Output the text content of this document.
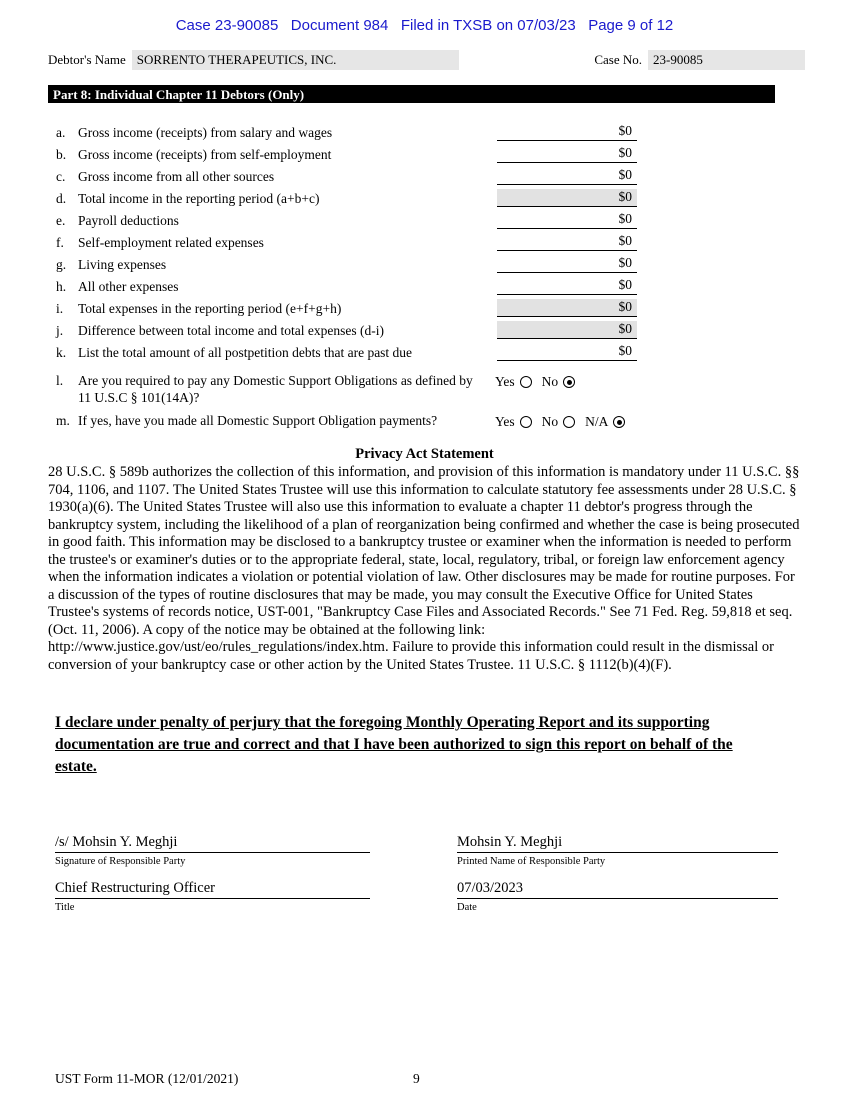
Case 23-90085   Document 984   Filed in TXSB on 07/03/23   Page 9 of 12
Debtor's Name SORRENTO THERAPEUTICS, INC.	Case No. 23-90085
Part 8: Individual Chapter 11 Debtors (Only)
a. Gross income (receipts) from salary and wages	$0
b. Gross income (receipts) from self-employment	$0
c. Gross income from all other sources	$0
d. Total income in the reporting period (a+b+c)	$0
e. Payroll deductions	$0
f.	Self-employment related expenses	$0
g. Living expenses	$0
h. All other expenses	$0
i.	Total expenses in the reporting period (e+f+g+h)	$0
j.	Difference between total income and total expenses (d-i)	$0
k. List the total amount of all postpetition debts that are past due	$0
l.	Are you required to pay any Domestic Support Obligations as defined by 11 U.S.C § 101(14A)?
Yes No
m. If yes, have you made all Domestic Support Obligation payments?	Yes No N/A
Privacy Act Statement
28 U.S.C. § 589b authorizes the collection of this information, and provision of this information is mandatory under 11 U.S.C. §§ 704, 1106, and 1107. The United States Trustee will use this information to calculate statutory fee assessments under 28 U.S.C. § 1930(a)(6). The United States Trustee will also use this information to evaluate a chapter 11 debtor's progress through the bankruptcy system, including the likelihood of a plan of reorganization being confirmed and whether the case is being prosecuted in good faith. This information may be disclosed to a bankruptcy trustee or examiner when the information is needed to perform the trustee's or examiner's duties or to the appropriate federal, state, local, regulatory, tribal, or foreign law enforcement agency when the information indicates a violation or potential violation of law. Other disclosures may be made for routine purposes. For a discussion of the types of routine disclosures that may be made, you may consult the Executive Office for United States Trustee's systems of records notice, UST-001, "Bankruptcy Case Files and Associated Records." See 71 Fed. Reg. 59,818 et seq. (Oct. 11, 2006). A copy of the notice may be obtained at the following link: http://www.justice.gov/ust/eo/rules_regulations/index.htm. Failure to provide this information could result in the dismissal or conversion of your bankruptcy case or other action by the United States Trustee. 11 U.S.C. § 1112(b)(4)(F).
I declare under penalty of perjury that the foregoing Monthly Operating Report and its supporting documentation are true and correct and that I have been authorized to sign this report on behalf of the estate.
/s/ Mohsin Y. Meghji
Signature of Responsible Party
Chief Restructuring Officer
Title
Mohsin Y. Meghji
Printed Name of Responsible Party
07/03/2023
Date
UST Form 11-MOR (12/01/2021)	9
